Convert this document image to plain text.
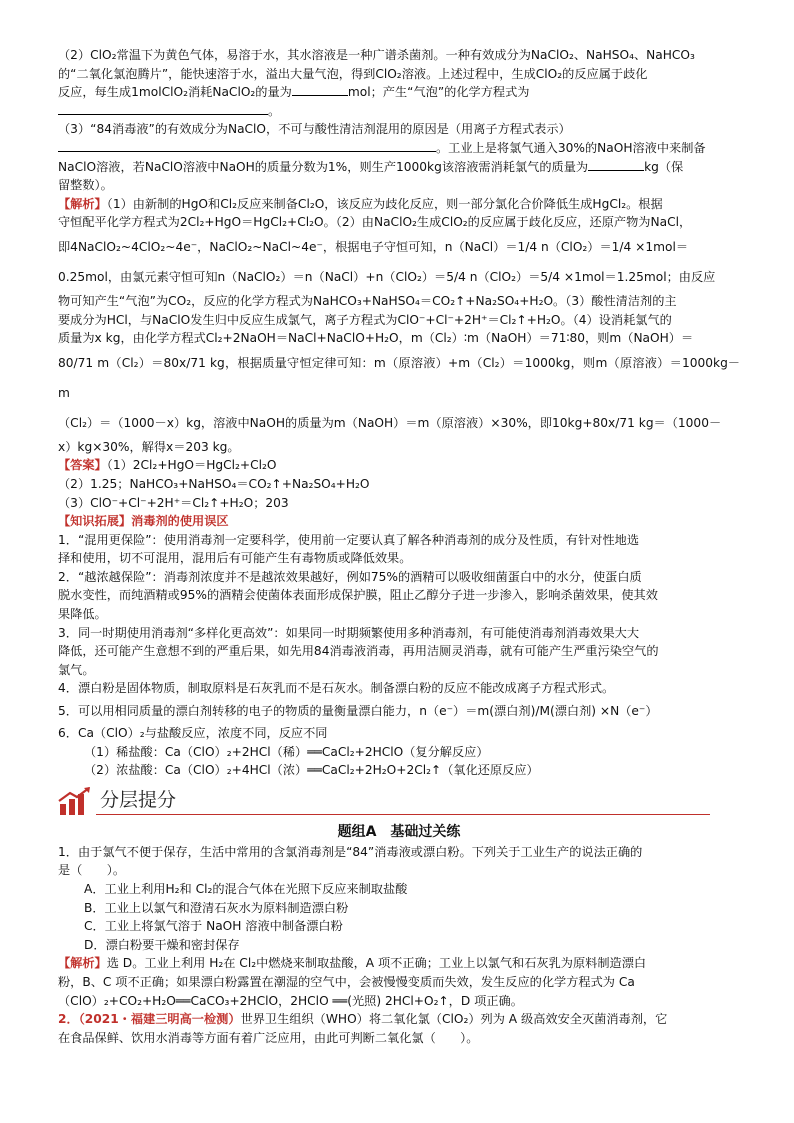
（2）ClO₂常温下为黄色气体，易溶于水，其水溶液是一种广谱杀菌剂。一种有效成分为NaClO₂、NaHSO₄、NaHCO₃

的“二氧化氯泡腾片”，能快速溶于水，溢出大量气泡，得到ClO₂溶液。上述过程中，生成ClO₂的反应属于歧化

反应，每生成1molClO₂消耗NaClO₂的量为	mol；产生“气泡”的化学方程式为

。

（3）“84消毒液”的有效成分为NaClO，不可与酸性清洁剂混用的原因是（用离子方程式表示）

。工业上是将氯气通入30%的NaOH溶液中来制备

NaClO溶液，若NaClO溶液中NaOH的质量分数为1%，则生产1000kg该溶液需消耗氯气的质量为	kg（保

留整数）。

【解析】（1）由新制的HgO和Cl₂反应来制备Cl₂O，该反应为歧化反应，则一部分氯化合价降低生成HgCl₂。根据

守恒配平化学方程式为2Cl₂+HgO＝HgCl₂+Cl₂O。（2）由NaClO₂生成ClO₂的反应属于歧化反应，还原产物为NaCl，

即4NaClO₂~4ClO₂~4e⁻，NaClO₂~NaCl~4e⁻，根据电子守恒可知，n（NaCl）＝1/4 n（ClO₂）＝1/4 ×1mol＝

0.25mol，由氯元素守恒可知n（NaClO₂）＝n（NaCl）+n（ClO₂）＝5/4 n（ClO₂）＝5/4 ×1mol＝1.25mol；由反应

物可知产生“气泡”为CO₂，反应的化学方程式为NaHCO₃+NaHSO₄＝CO₂↑+Na₂SO₄+H₂O。（3）酸性清洁剂的主

要成分为HCl，与NaClO发生归中反应生成氯气，离子方程式为ClO⁻+Cl⁻+2H⁺＝Cl₂↑+H₂O。（4）设消耗氯气的

质量为x kg，由化学方程式Cl₂+2NaOH＝NaCl+NaClO+H₂O，m（Cl₂）∶m（NaOH）＝71∶80，则m（NaOH）＝

80/71 m（Cl₂）＝80x/71 kg，根据质量守恒定律可知：m（原溶液）+m（Cl₂）＝1000kg，则m（原溶液）＝1000kg－m

（Cl₂）＝（1000－x）kg，溶液中NaOH的质量为m（NaOH）＝m（原溶液）×30%，即10kg+80x/71 kg＝（1000－

x）kg×30%，解得x＝203 kg。

【答案】（1）2Cl₂+HgO＝HgCl₂+Cl₂O

（2）1.25；NaHCO₃+NaHSO₄＝CO₂↑+Na₂SO₄+H₂O

（3）ClO⁻+Cl⁻+2H⁺＝Cl₂↑+H₂O；203

【知识拓展】消毒剂的使用误区

1．“混用更保险”：使用消毒剂一定要科学，使用前一定要认真了解各种消毒剂的成分及性质，有针对性地选

择和使用，切不可混用，混用后有可能产生有毒物质或降低效果。

2．“越浓越保险”：消毒剂浓度并不是越浓效果越好，例如75%的酒精可以吸收细菌蛋白中的水分，使蛋白质

脱水变性，而纯酒精或95%的酒精会使菌体表面形成保护膜，阻止乙醇分子进一步渗入，影响杀菌效果，使其效

果降低。

3．同一时期使用消毒剂“多样化更高效”：如果同一时期频繁使用多种消毒剂，有可能使消毒剂消毒效果大大

降低，还可能产生意想不到的严重后果，如先用84消毒液消毒，再用洁厕灵消毒，就有可能产生严重污染空气的

氯气。

4．漂白粉是固体物质，制取原料是石灰乳而不是石灰水。制备漂白粉的反应不能改成离子方程式形式。

5．可以用相同质量的漂白剂转移的电子的物质的量衡量漂白能力，n（e⁻）＝m(漂白剂)/M(漂白剂) ×N（e⁻）

6．Ca（ClO）₂与盐酸反应，浓度不同，反应不同

（1）稀盐酸：Ca（ClO）₂+2HCl（稀）══CaCl₂+2HClO（复分解反应）

（2）浓盐酸：Ca（ClO）₂+4HCl（浓）══CaCl₂+2H₂O+2Cl₂↑（氧化还原反应）

分层提分

题组A　基础过关练

1．由于氯气不便于保存，生活中常用的含氯消毒剂是“84”消毒液或漂白粉。下列关于工业生产的说法正确的

是（　　）。

A．工业上利用H₂和 Cl₂的混合气体在光照下反应来制取盐酸

B．工业上以氯气和澄清石灰水为原料制造漂白粉

C．工业上将氯气溶于 NaOH 溶液中制备漂白粉

D．漂白粉要干燥和密封保存

【解析】选 D。工业上利用 H₂在 Cl₂中燃烧来制取盐酸，A 项不正确；工业上以氯气和石灰乳为原料制造漂白

粉，B、C 项不正确；如果漂白粉露置在潮湿的空气中，会被慢慢变质而失效，发生反应的化学方程式为 Ca

（ClO）₂+CO₂+H₂O══CaCO₃+2HClO，2HClO ══(光照) 2HCl+O₂↑，D 项正确。

2．（2021・福建三明高一检测）世界卫生组织（WHO）将二氧化氯（ClO₂）列为 A 级高效安全灭菌消毒剂，它

在食品保鲜、饮用水消毒等方面有着广泛应用，由此可判断二氧化氯（　　）。
